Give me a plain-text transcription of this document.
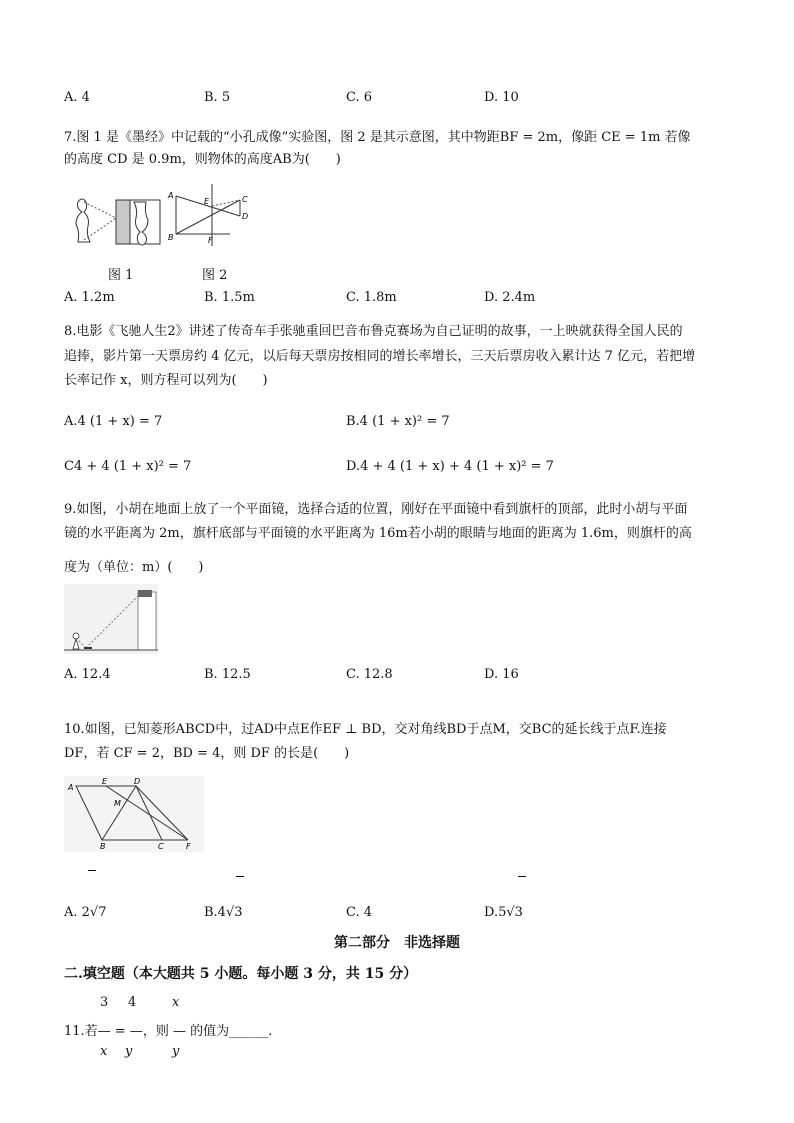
A. 4	B. 5	C. 6	D. 10
7.图 1 是《墨经》中记载的“小孔成像”实验图，图 2 是其示意图，其中物距BF = 2m，像距 CE = 1m 若像
的高度 CD 是 0.9m，则物体的高度AB为(　　)
A
B
C
D
E
F
图 1	图 2
A. 1.2m	B. 1.5m	C. 1.8m	D. 2.4m
8.电影《飞驰人生2》讲述了传奇车手张驰重回巴音布鲁克赛场为自己证明的故事，一上映就获得全国人民的
追捧，影片第一天票房约 4 亿元，以后每天票房按相同的增长率增长，三天后票房收入累计达 7 亿元，若把增
长率记作 x，则方程可以列为(　　)
A.4 (1 + x) = 7	B.4 (1 + x)² = 7
C4 + 4 (1 + x)² = 7	D.4 + 4 (1 + x) + 4 (1 + x)² = 7
9.如图，小胡在地面上放了一个平面镜，选择合适的位置，刚好在平面镜中看到旗杆的顶部，此时小胡与平面
镜的水平距离为 2m，旗杆底部与平面镜的水平距离为 16m若小胡的眼睛与地面的距离为 1.6m，则旗杆的高
度为（单位：m）(　　)
A. 12.4	B. 12.5	C. 12.8	D. 16
10.如图，已知菱形ABCD中，过AD中点E作EF ⊥ BD，交对角线BD于点M，交BC的延长线于点F.连接
DF，若 CF = 2，BD = 4，则 DF 的长是(　　)
A
E	D
M
B	C	F
A. 2√7	B.4√3	C. 4	D.5√3
第二部分　非选择题
二.填空题（本大题共 5 小题。每小题 3 分，共 15 分）
3 4	x
11.若— = —，则 — 的值为______.
x y	y
